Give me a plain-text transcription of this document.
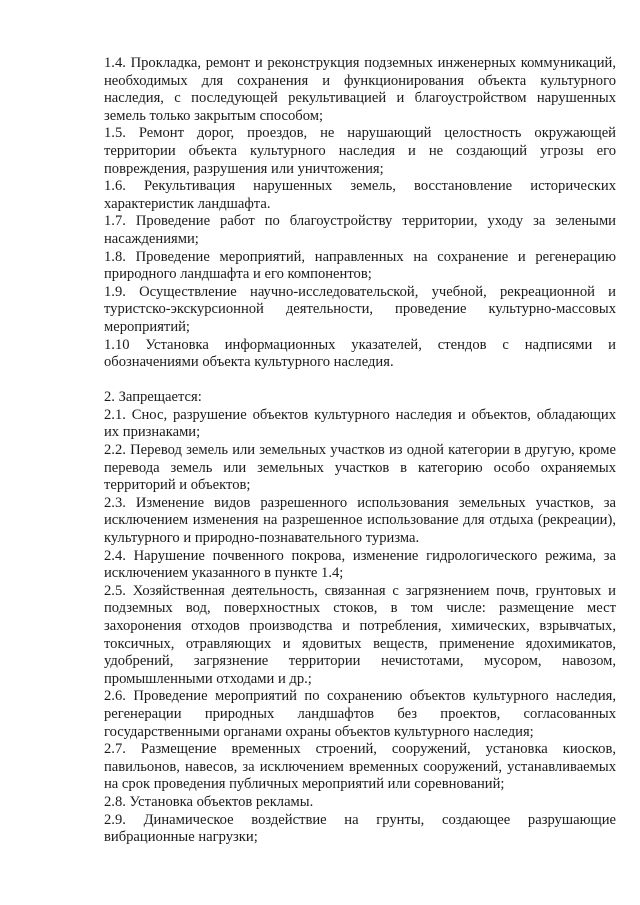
1.4. Прокладка, ремонт и реконструкция подземных инженерных коммуникаций, необходимых для сохранения и функционирования объекта культурного наследия, с последующей рекультивацией и благоустройством нарушенных земель только закрытым способом;

1.5. Ремонт дорог, проездов, не нарушающий целостность окружающей территории объекта культурного наследия и не создающий угрозы его повреждения, разрушения или уничтожения;

1.6. Рекультивация нарушенных земель, восстановление исторических характеристик ландшафта.

1.7. Проведение работ по благоустройству территории, уходу за зелеными насаждениями;

1.8. Проведение мероприятий, направленных на сохранение и регенерацию природного ландшафта и его компонентов;

1.9. Осуществление научно-исследовательской, учебной, рекреационной и туристско-экскурсионной деятельности, проведение культурно-массовых мероприятий;

1.10 Установка информационных указателей, стендов с надписями и обозначениями объекта культурного наследия.

2. Запрещается:

2.1. Снос, разрушение объектов культурного наследия и объектов, обладающих их признаками;

2.2. Перевод земель или земельных участков из одной категории в другую, кроме перевода земель или земельных участков в категорию особо охраняемых территорий и объектов;

2.3. Изменение видов разрешенного использования земельных участков, за исключением изменения на разрешенное использование для отдыха (рекреации), культурного и природно-познавательного туризма.

2.4. Нарушение почвенного покрова, изменение гидрологического режима, за исключением указанного в пункте 1.4;

2.5. Хозяйственная деятельность, связанная с загрязнением почв, грунтовых и подземных вод, поверхностных стоков, в том числе: размещение мест захоронения отходов производства и потребления, химических, взрывчатых, токсичных, отравляющих и ядовитых веществ, применение ядохимикатов, удобрений, загрязнение территории нечистотами, мусором, навозом, промышленными отходами и др.;

2.6. Проведение мероприятий по сохранению объектов культурного наследия, регенерации природных ландшафтов без проектов, согласованных государственными органами охраны объектов культурного наследия;

2.7. Размещение временных строений, сооружений, установка киосков, павильонов, навесов, за исключением временных сооружений, устанавливаемых на срок проведения публичных мероприятий или соревнований;

2.8. Установка объектов рекламы.

2.9. Динамическое воздействие на грунты, создающее разрушающие вибрационные нагрузки;
